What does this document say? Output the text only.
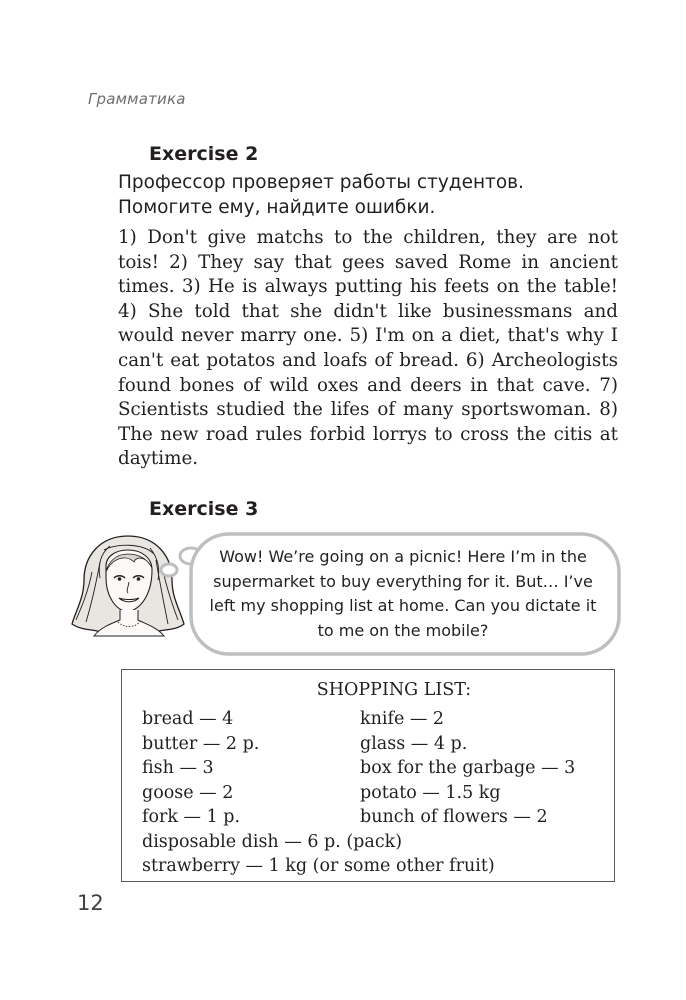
Грамматика
Exercise 2
Профессор проверяет работы студентов. Помогите ему, найдите ошибки.
1) Don't give matchs to the children, they are not tois! 2) They say that gees saved Rome in ancient times. 3) He is always putting his feets on the table! 4) She told that she didn't like businessmans and would never marry one. 5) I'm on a diet, that's why I can't eat potatos and loafs of bread. 6) Archeologists found bones of wild oxes and deers in that cave. 7) Scientists studied the lifes of many sportswoman. 8) The new road rules forbid lorrys to cross the citis at daytime.
Exercise 3
Wow! We’re going on a picnic! Here I’m in the supermarket to buy everything for it. But… I’ve left my shopping list at home. Can you dictate it to me on the mobile?
SHOPPING LIST:
bread — 4
butter — 2 p.
fish — 3
goose — 2
fork — 1 p.
knife — 2
glass — 4 p.
box for the garbage — 3
potato — 1.5 kg
bunch of flowers — 2
disposable dish — 6 p. (pack)
strawberry — 1 kg (or some other fruit)
12
